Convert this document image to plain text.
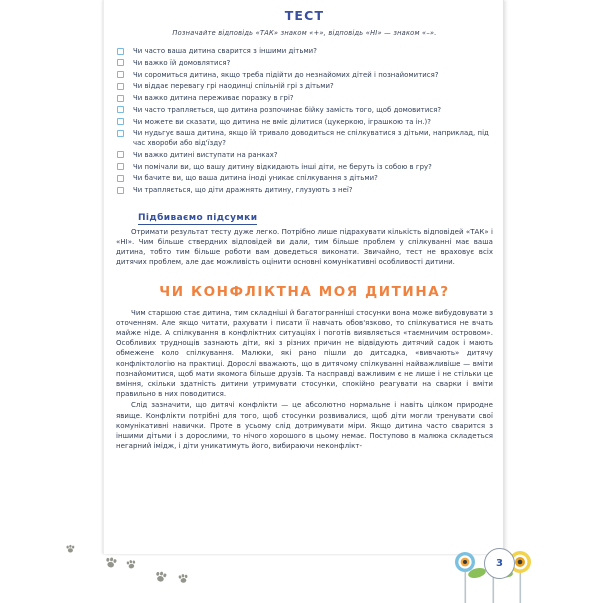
ТЕСТ
Позначайте відповідь «ТАК» знаком «+», відповідь «НІ» — знаком «–».
Чи часто ваша дитина сварится з іншими дітьми?
Чи важко їй домовлятися?
Чи соромиться дитина, якщо треба підійти до незнайомих дітей і познайомитися?
Чи віддає перевагу грі наодинці спільній грі з дітьми?
Чи важко дитина переживає поразку в грі?
Чи часто трапляється, що дитина розпочинає бійку замість того, щоб домовитися?
Чи можете ви сказати, що дитина не вміє ділитися (цукеркою, іграшкою та ін.)?
Чи нудьгує ваша дитина, якщо їй тривало доводиться не спілкуватися з дітьми, наприклад, під час хвороби або від'їзду?
Чи важко дитині виступати на ранках?
Чи помічали ви, що вашу дитину відкидають інші діти, не беруть із собою в гру?
Чи бачите ви, що ваша дитина іноді уникає спілкування з дітьми?
Чи трапляється, що діти дражнять дитину, глузують з неї?
Підбиваємо підсумки

Отримати результат тесту дуже легко. Потрібно лише підрахувати кількість відповідей «ТАК» і «НІ». Чим більше ствердних відповідей ви дали, тим більше проблем у спілкуванні має ваша дитина, тобто тим більше роботи вам доведеться виконати. Звичайно, тест не враховує всіх дитячих проблем, але дає можливість оцінити основні комунікативні особливості дитини.

ЧИ КОНФЛІКТНА МОЯ ДИТИНА?

Чим старшою стає дитина, тим складніші й багатогранніші стосунки вона може вибудовувати з оточенням. Але якщо читати, рахувати і писати її навчать обов'язково, то спілкуватися не вчать майже ніде. А спілкування в конфліктних ситуаціях і поготів виявляється «таємничим островом». Особливих труднощів зазнають діти, які з різних причин не відвідують дитячий садок і мають обмежене коло спілкування. Малюки, які рано пішли до дитсадка, «вивчають» дитячу конфліктологію на практиці. Дорослі вважають, що в дитячому спілкуванні найважливіше — вміти познайомитися, щоб мати якомога більше друзів. Та насправді важливим є не лише і не стільки це вміння, скільки здатність дитини утримувати стосунки, спокійно реагувати на сварки і вміти правильно в них поводитися.

Слід зазначити, що дитячі конфлікти — це абсолютно нормальне і навіть цілком природне явище. Конфлікти потрібні для того, щоб стосунки розвивалися, щоб діти могли тренувати свої комунікативні навички. Проте в усьому слід дотримувати міри. Якщо дитина часто сварится з іншими дітьми і з дорослими, то нічого хорошого в цьому немає. Поступово в малюка складеться негарний імідж, і діти уникатимуть його, вибираючи неконфлікт-

3
